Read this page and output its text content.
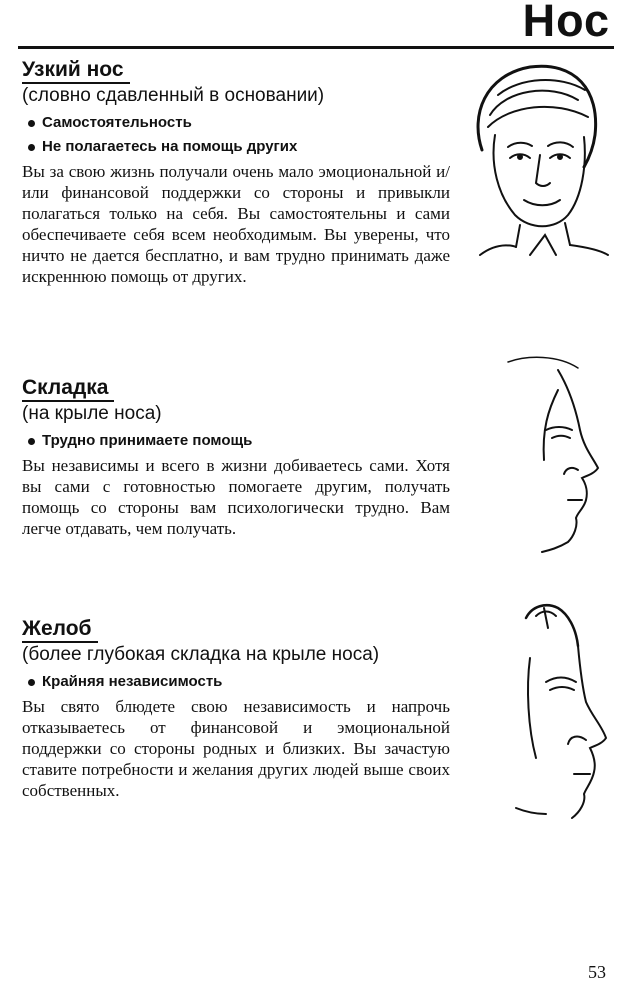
Нос
Узкий нос
(словно сдавленный в основании)
Самостоятельность
Не полагаетесь на помощь других

Вы за свою жизнь получали очень мало эмоциональной и/или финансовой поддержки со стороны и привыкли полагаться только на себя. Вы самостоятельны и сами обеспечиваете себя всем необходимым. Вы уверены, что ничто не дается бесплатно, и вам трудно принимать даже искреннюю помощь от других.

Складка
(на крыле носа)
Трудно принимаете помощь

Вы независимы и всего в жизни добиваетесь сами. Хотя вы сами с готовностью помогаете другим, получать помощь со стороны вам психологически трудно. Вам легче отдавать, чем получать.

Желоб
(более глубокая складка на крыле носа)
Крайняя независимость

Вы свято блюдете свою независимость и напрочь отказываетесь от финансовой и эмоциональной поддержки со стороны родных и близких. Вы зачастую ставите потребности и желания других людей выше своих собственных.

53
